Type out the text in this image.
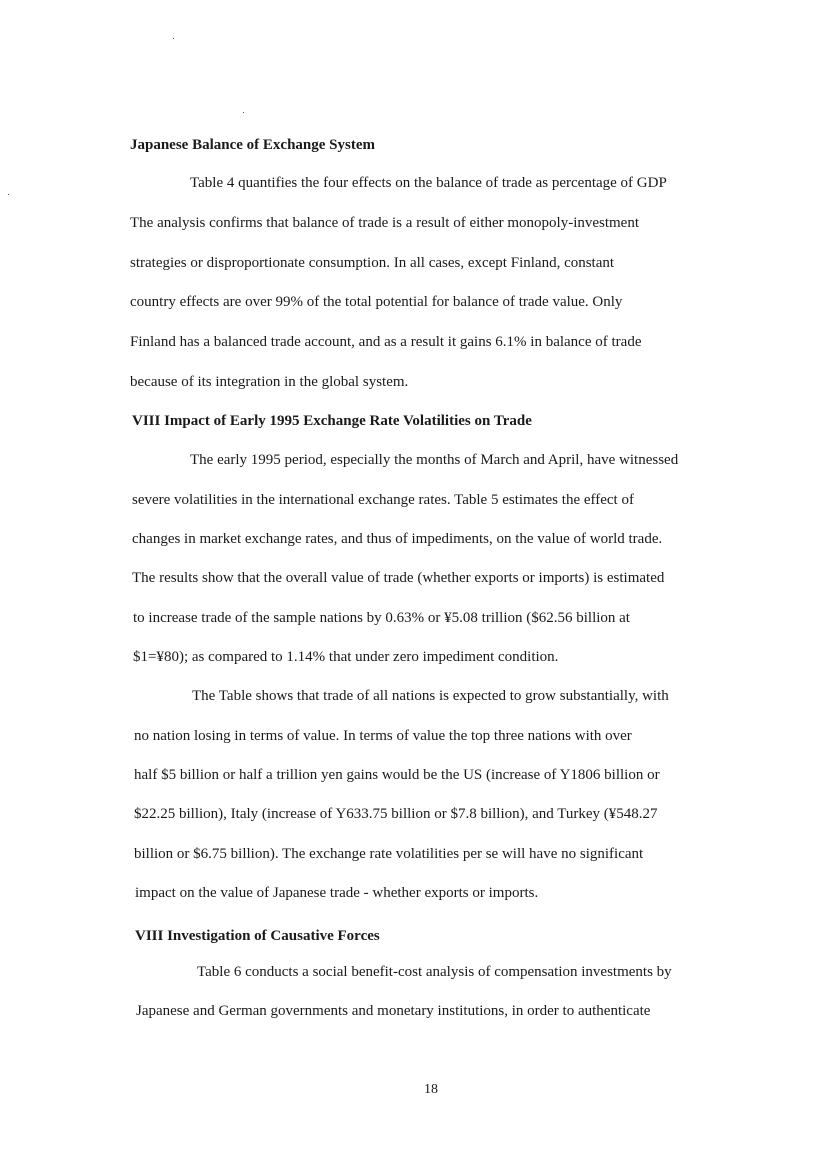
Japanese Balance of Exchange System
Table 4 quantifies the four effects on the balance of trade as percentage of GDP
The analysis confirms that balance of trade is a result of either monopoly-investment
strategies or disproportionate consumption. In all cases, except Finland, constant
country effects are over 99% of the total potential for balance of trade value. Only
Finland has a balanced trade account, and as a result it gains 6.1% in balance of trade
because of its integration in the global system.
VIII Impact of Early 1995 Exchange Rate Volatilities on Trade
The early 1995 period, especially the months of March and April, have witnessed
severe volatilities in the international exchange rates. Table 5 estimates the effect of
changes in market exchange rates, and thus of impediments, on the value of world trade.
The results show that the overall value of trade (whether exports or imports) is estimated
to increase trade of the sample nations by 0.63% or ¥5.08 trillion ($62.56 billion at
$1=¥80); as compared to 1.14% that under zero impediment condition.
The Table shows that trade of all nations is expected to grow substantially, with
no nation losing in terms of value. In terms of value the top three nations with over
half $5 billion or half a trillion yen gains would be the US (increase of Y1806 billion or
$22.25 billion), Italy (increase of Y633.75 billion or $7.8 billion), and Turkey (¥548.27
billion or $6.75 billion). The exchange rate volatilities per se will have no significant
impact on the value of Japanese trade - whether exports or imports.
VIII Investigation of Causative Forces
Table 6 conducts a social benefit-cost analysis of compensation investments by
Japanese and German governments and monetary institutions, in order to authenticate
18
